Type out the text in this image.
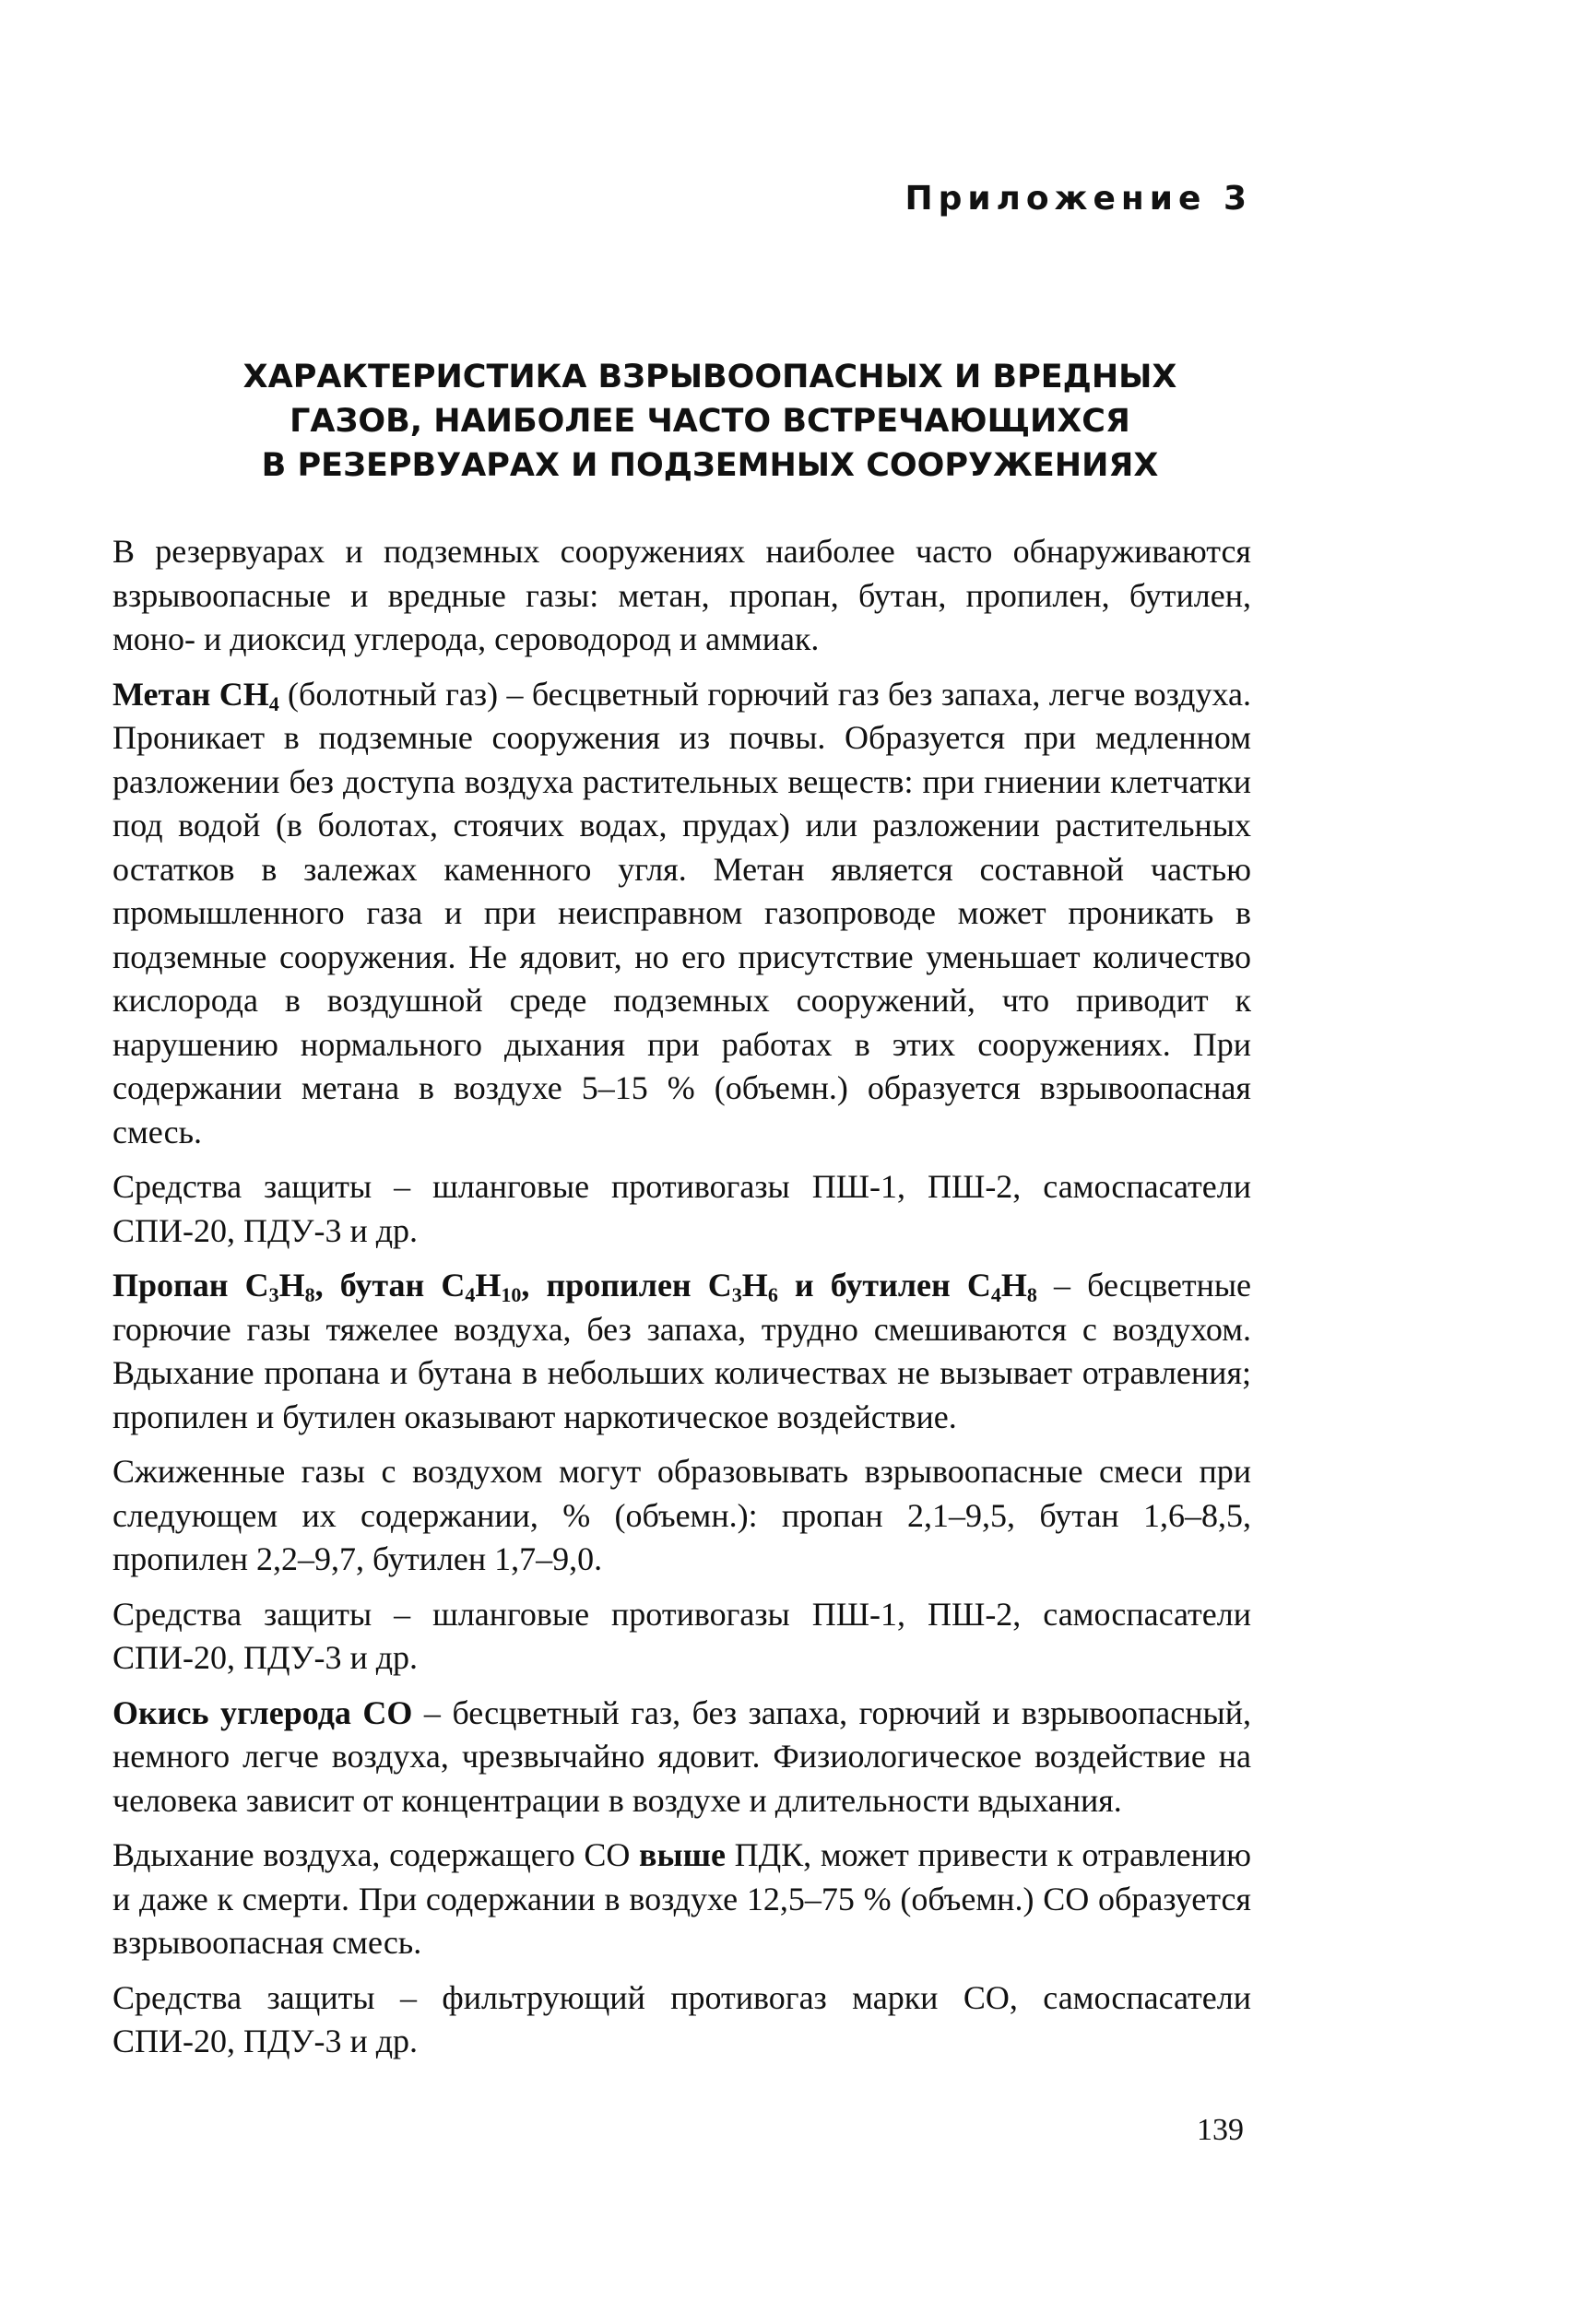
Приложение 3
ХАРАКТЕРИСТИКА ВЗРЫВООПАСНЫХ И ВРЕДНЫХ
ГАЗОВ, НАИБОЛЕЕ ЧАСТО ВСТРЕЧАЮЩИХСЯ
В РЕЗЕРВУАРАХ И ПОДЗЕМНЫХ СООРУЖЕНИЯХ

В резервуарах и подземных сооружениях наиболее часто обнаруживаются взрывоопасные и вредные газы: метан, пропан, бутан, пропилен, бутилен, моно- и диоксид углерода, сероводород и аммиак.

Метан $CH_4$ (болотный газ) – бесцветный горючий газ без запаха, легче воздуха. Проникает в подземные сооружения из почвы. Образуется при медленном разложении без доступа воздуха растительных веществ: при гниении клетчатки под водой (в болотах, стоячих водах, прудах) или разложении растительных остатков в залежах каменного угля. Метан является составной частью промышленного газа и при неисправном газопроводе может проникать в подземные сооружения. Не ядовит, но его присутствие уменьшает количество кислорода в воздушной среде подземных сооружений, что приводит к нарушению нормального дыхания при работах в этих сооружениях. При содержании метана в воздухе 5–15 % (объемн.) образуется взрывоопасная смесь.

Средства защиты – шланговые противогазы ПШ-1, ПШ-2, самоспасатели СПИ-20, ПДУ-3 и др.

Пропан $C_3H_8$, бутан $C_4H_{10}$, пропилен $C_3H_6$ и бутилен $C_4H_8$ – бесцветные горючие газы тяжелее воздуха, без запаха, трудно смешиваются с воздухом. Вдыхание пропана и бутана в небольших количествах не вызывает отравления; пропилен и бутилен оказывают наркотическое воздействие.

Сжиженные газы с воздухом могут образовывать взрывоопасные смеси при следующем их содержании, % (объемн.): пропан 2,1–9,5, бутан 1,6–8,5, пропилен 2,2–9,7, бутилен 1,7–9,0.

Средства защиты – шланговые противогазы ПШ-1, ПШ-2, самоспасатели СПИ-20, ПДУ-3 и др.

Окись углерода CO – бесцветный газ, без запаха, горючий и взрывоопасный, немного легче воздуха, чрезвычайно ядовит. Физиологическое воздействие на человека зависит от концентрации в воздухе и длительности вдыхания.

Вдыхание воздуха, содержащего CO выше ПДК, может привести к отравлению и даже к смерти. При содержании в воздухе 12,5–75 % (объемн.) CO образуется взрывоопасная смесь.

Средства защиты – фильтрующий противогаз марки CO, самоспасатели СПИ-20, ПДУ-3 и др.

139
